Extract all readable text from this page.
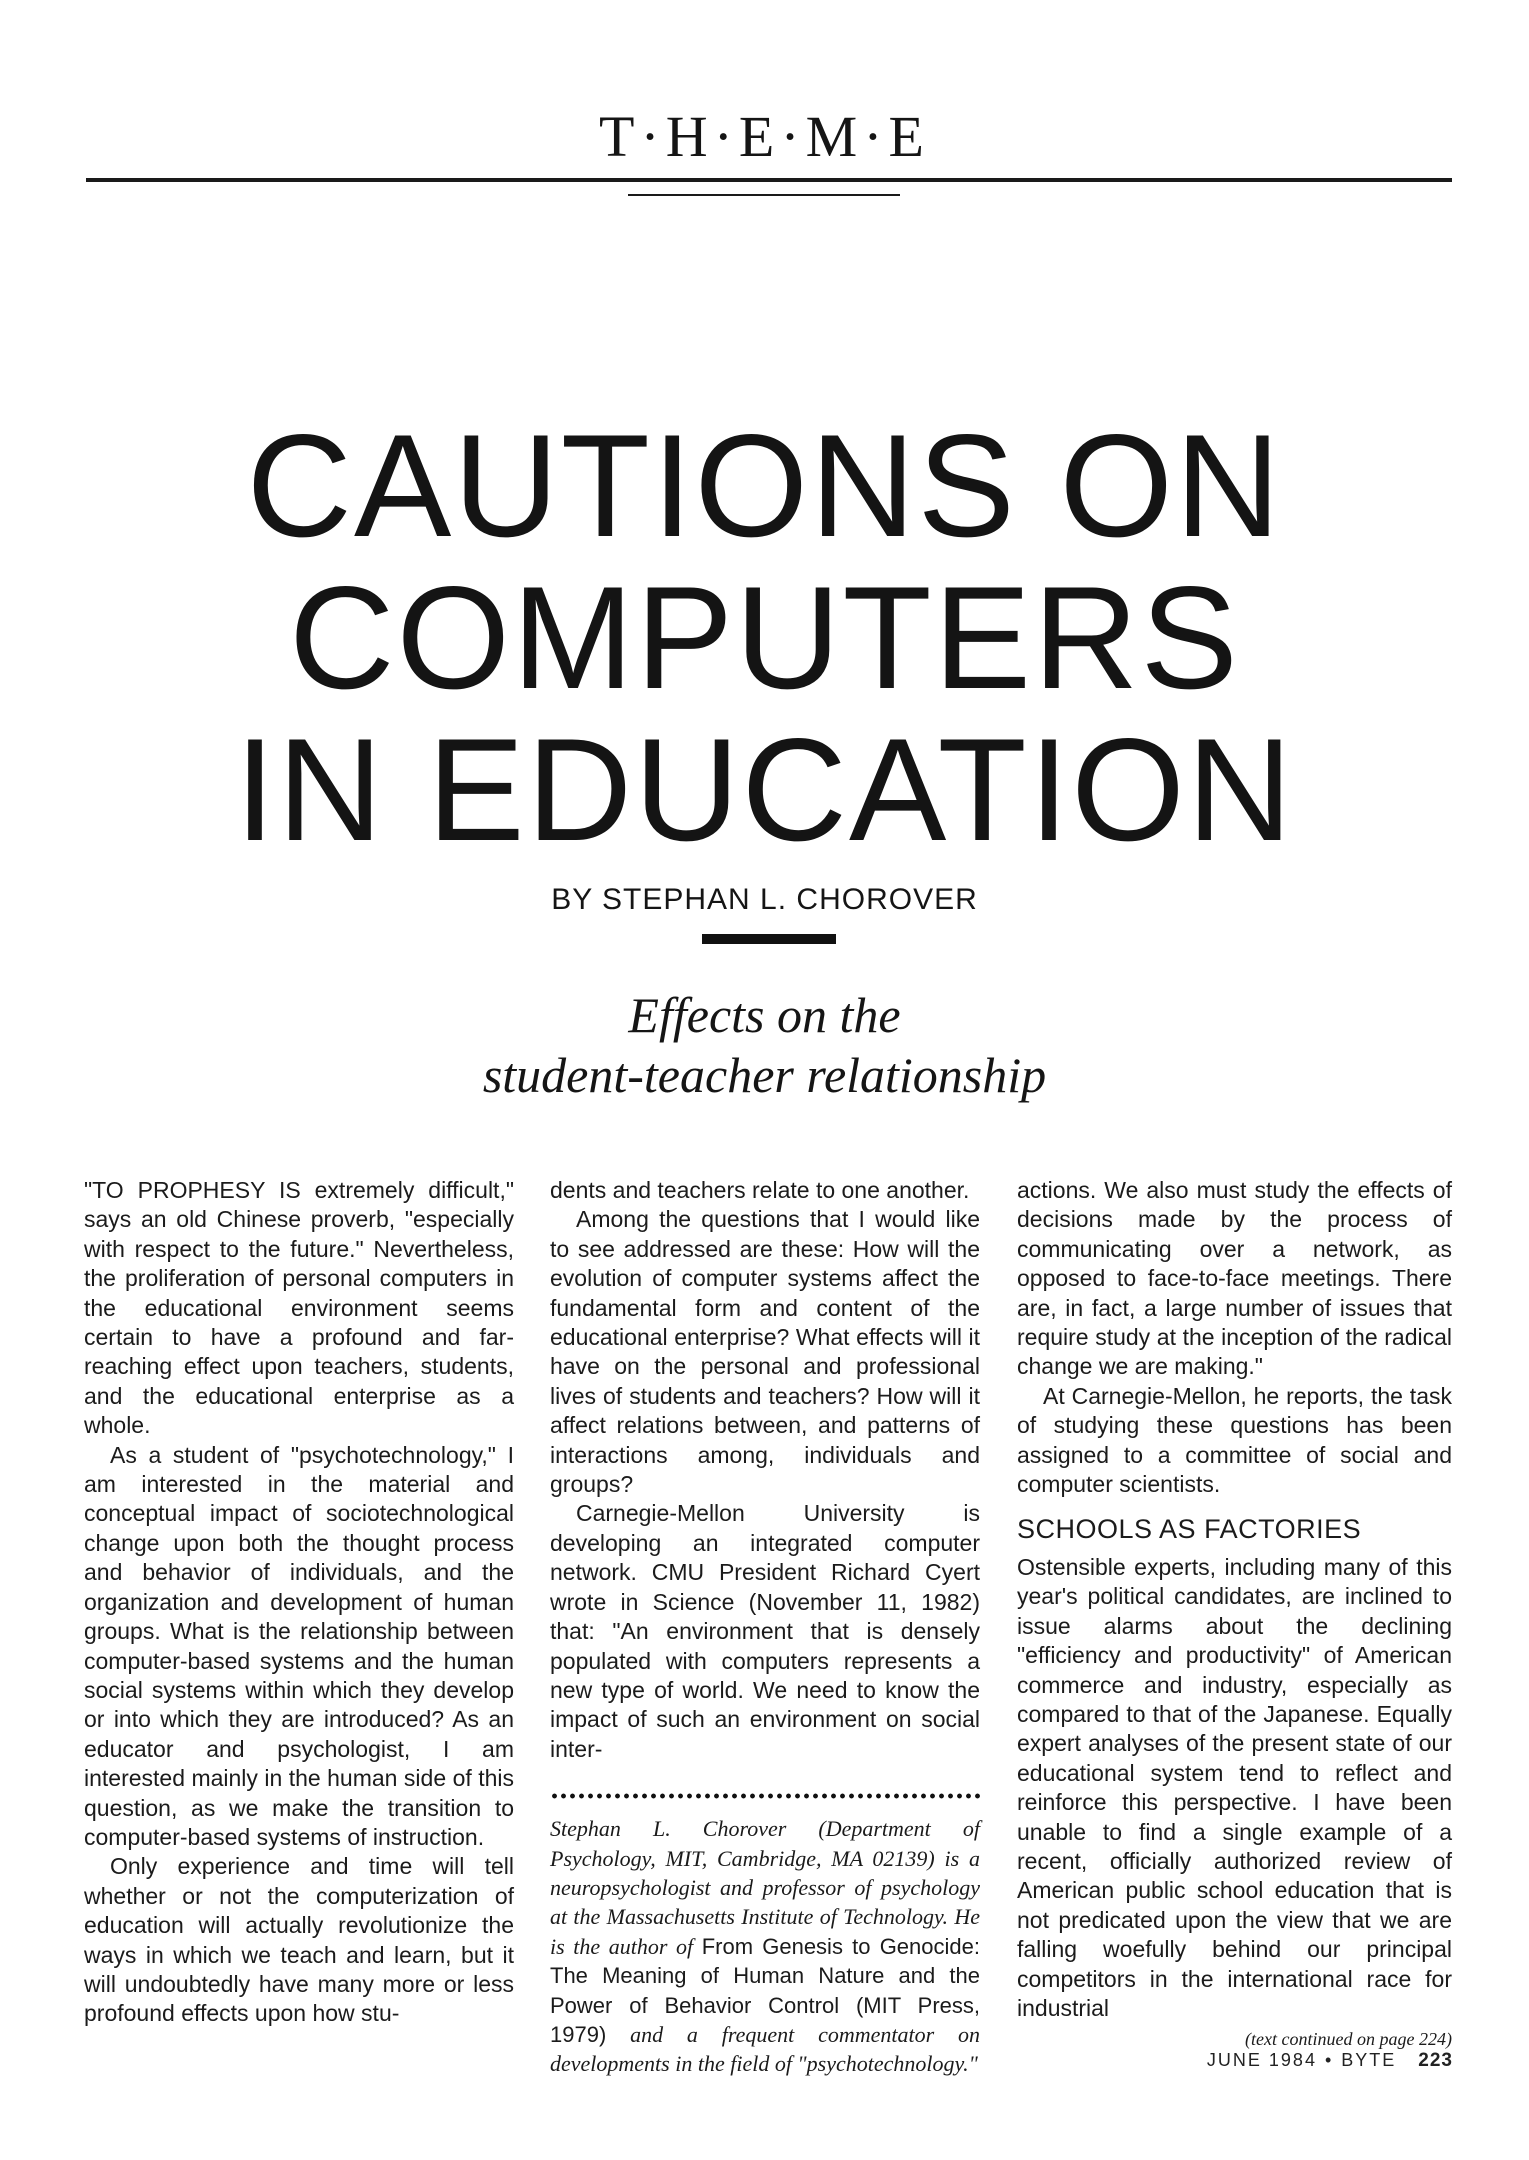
T·H·E·M·E
CAUTIONS ON
COMPUTERS
IN EDUCATION
BY STEPHAN L. CHOROVER
Effects on the
student-teacher relationship

"TO PROPHESY IS extremely difficult," says an old Chinese proverb, "especially with respect to the future." Nevertheless, the proliferation of personal computers in the educational environment seems certain to have a profound and far-reaching effect upon teachers, students, and the educational enterprise as a whole.

As a student of "psychotechnology," I am interested in the material and conceptual impact of sociotechnological change upon both the thought process and behavior of individuals, and the organization and development of human groups. What is the relationship between computer-based systems and the human social systems within which they develop or into which they are introduced? As an educator and psychologist, I am interested mainly in the human side of this question, as we make the transition to computer-based systems of instruction.

Only experience and time will tell whether or not the computerization of education will actually revolutionize the ways in which we teach and learn, but it will undoubtedly have many more or less profound effects upon how stu-

dents and teachers relate to one another.

Among the questions that I would like to see addressed are these: How will the evolution of computer systems affect the fundamental form and content of the educational enterprise? What effects will it have on the personal and professional lives of students and teachers? How will it affect relations between, and patterns of interactions among, individuals and groups?

Carnegie-Mellon University is developing an integrated computer network. CMU President Richard Cyert wrote in Science (November 11, 1982) that: "An environment that is densely populated with computers represents a new type of world. We need to know the impact of such an environment on social inter-

Stephan L. Chorover (Department of Psychology, MIT, Cambridge, MA 02139) is a neuropsychologist and professor of psychology at the Massachusetts Institute of Technology. He is the author of From Genesis to Genocide: The Meaning of Human Nature and the Power of Behavior Control (MIT Press, 1979) and a frequent commentator on developments in the field of "psychotechnology."

actions. We also must study the effects of decisions made by the process of communicating over a network, as opposed to face-to-face meetings. There are, in fact, a large number of issues that require study at the inception of the radical change we are making."

At Carnegie-Mellon, he reports, the task of studying these questions has been assigned to a committee of social and computer scientists.

SCHOOLS AS FACTORIES

Ostensible experts, including many of this year's political candidates, are inclined to issue alarms about the declining "efficiency and productivity" of American commerce and industry, especially as compared to that of the Japanese. Equally expert analyses of the present state of our educational system tend to reflect and reinforce this perspective. I have been unable to find a single example of a recent, officially authorized review of American public school education that is not predicated upon the view that we are falling woefully behind our principal competitors in the international race for industrial

(text continued on page 224)
JUNE 1984 • BYTE 223
